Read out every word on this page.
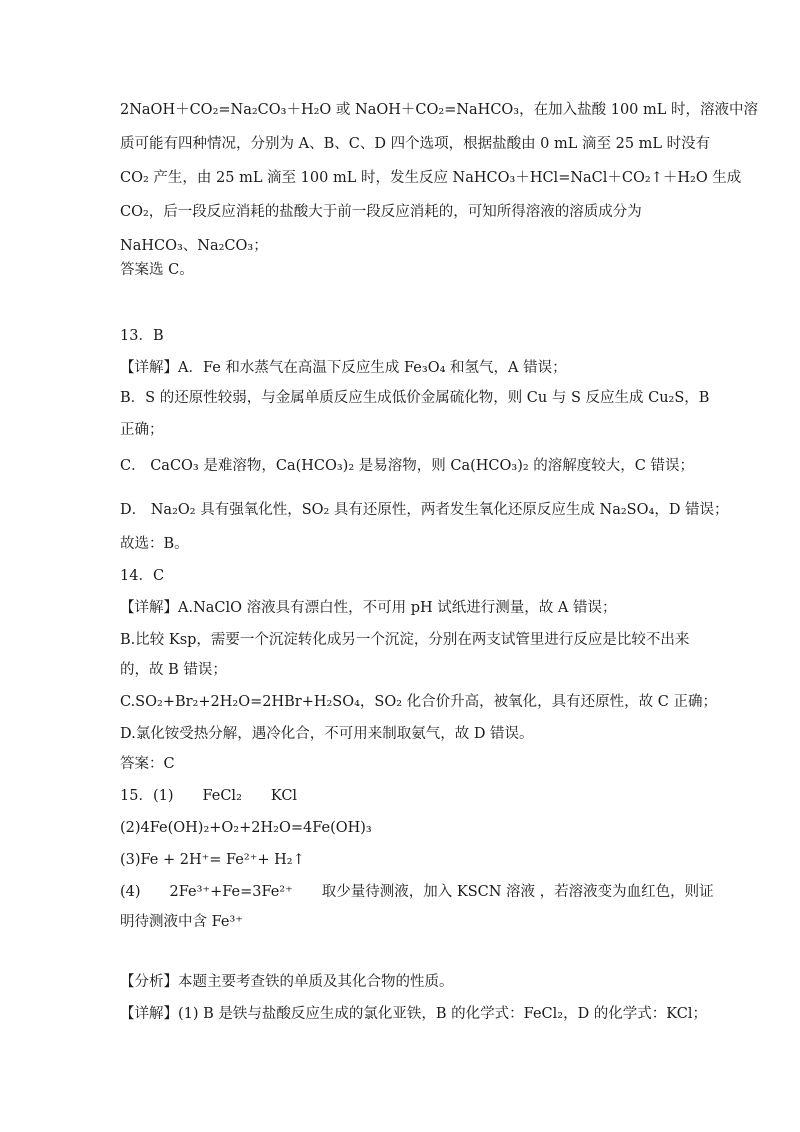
2NaOH＋CO₂=Na₂CO₃＋H₂O 或 NaOH＋CO₂=NaHCO₃，在加入盐酸 100 mL 时，溶液中溶
质可能有四种情况，分别为 A、B、C、D 四个选项，根据盐酸由 0 mL 滴至 25 mL 时没有
CO₂ 产生，由 25 mL 滴至 100 mL 时，发生反应 NaHCO₃＋HCl=NaCl＋CO₂↑＋H₂O 生成
CO₂，后一段反应消耗的盐酸大于前一段反应消耗的，可知所得溶液的溶质成分为
NaHCO₃、Na₂CO₃；
答案选 C。
13．B
【详解】A．Fe 和水蒸气在高温下反应生成 Fe₃O₄ 和氢气，A 错误；
B．S 的还原性较弱，与金属单质反应生成低价金属硫化物，则 Cu 与 S 反应生成 Cu₂S，B
正确；
C． CaCO₃ 是难溶物，Ca(HCO₃)₂ 是易溶物，则 Ca(HCO₃)₂ 的溶解度较大，C 错误；
D． Na₂O₂ 具有强氧化性，SO₂ 具有还原性，两者发生氧化还原反应生成 Na₂SO₄，D 错误；
故选：B。
14．C
【详解】A.NaClO 溶液具有漂白性，不可用 pH 试纸进行测量，故 A 错误；
B.比较 Ksp，需要一个沉淀转化成另一个沉淀，分别在两支试管里进行反应是比较不出来
的，故 B 错误；
C.SO₂+Br₂+2H₂O=2HBr+H₂SO₄，SO₂ 化合价升高，被氧化，具有还原性，故 C 正确；
D.氯化铵受热分解，遇冷化合，不可用来制取氨气，故 D 错误。
答案：C
15．(1)　　FeCl₂　　KCl
(2)4Fe(OH)₂+O₂+2H₂O=4Fe(OH)₃
(3)Fe + 2H⁺= Fe²⁺+ H₂↑
(4)　　2Fe³⁺+Fe=3Fe²⁺　　取少量待测液，加入 KSCN 溶液 ，若溶液变为血红色，则证
明待测液中含 Fe³⁺
【分析】本题主要考查铁的单质及其化合物的性质。
【详解】(1) B 是铁与盐酸反应生成的氯化亚铁，B 的化学式：FeCl₂，D 的化学式：KCl；
